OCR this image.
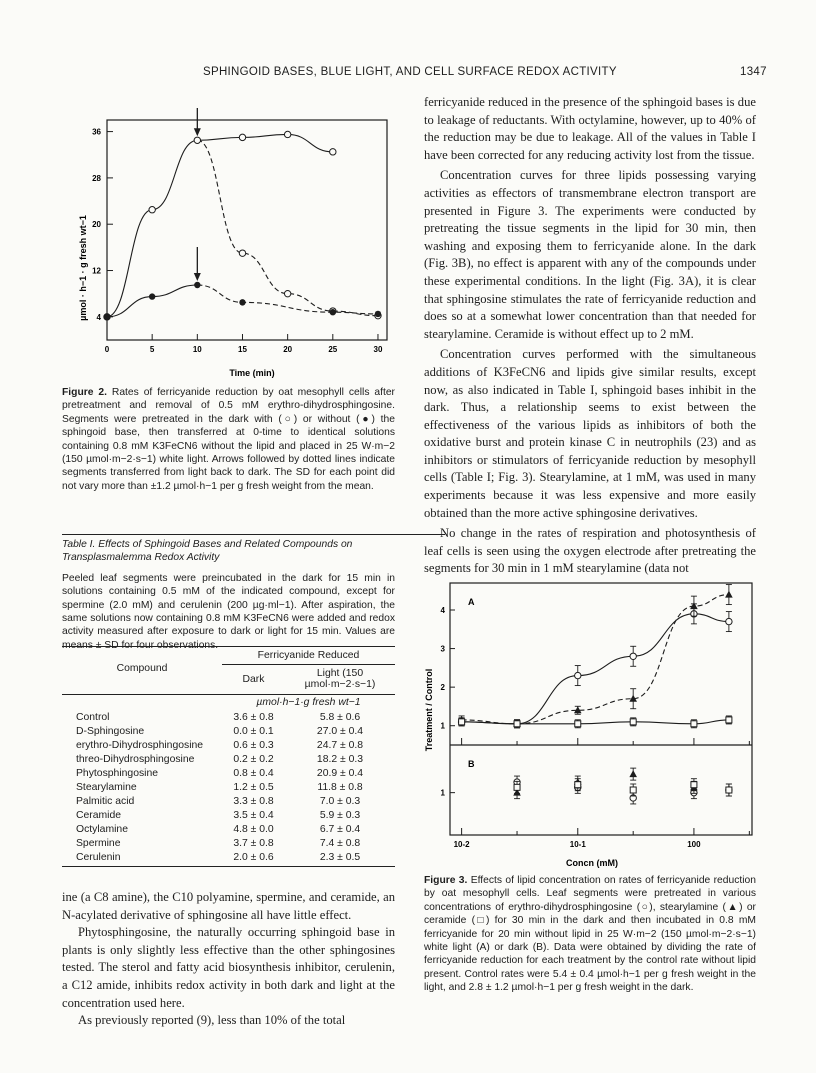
SPHINGOID BASES, BLUE LIGHT, AND CELL SURFACE REDOX ACTIVITY	1347
0	5	10	15	20	25	30
4
12
20
28
36
µmol · h−1 · g fresh wt−1
Time (min)
Figure 2. Rates of ferricyanide reduction by oat mesophyll cells after pretreatment and removal of 0.5 mM erythro-dihydrosphingosine. Segments were pretreated in the dark with (○) or without (●) the sphingoid base, then transferred at 0-time to identical solutions containing 0.8 mM K3FeCN6 without the lipid and placed in 25 W·m−2 (150 µmol·m−2·s−1) white light. Arrows followed by dotted lines indicate segments transferred from light back to dark. The SD for each point did not vary more than ±1.2 µmol·h−1 per g fresh weight from the mean.
Table I. Effects of Sphingoid Bases and Related Compounds on Transplasmalemma Redox Activity
Peeled leaf segments were preincubated in the dark for 15 min in solutions containing 0.5 mM of the indicated compound, except for spermine (2.0 mM) and cerulenin (200 µg·ml−1). After aspiration, the same solutions now containing 0.8 mM K3FeCN6 were added and redox activity measured after exposure to dark or light for 15 min. Values are means ± SD for four observations.
Compound	Ferricyanide Reduced	
	Dark	Light (150 µmol·m−2·s−1)

	µmol·h−1·g fresh wt−1	
Control	3.6 ± 0.8	5.8 ± 0.6
D-Sphingosine	0.0 ± 0.1	27.0 ± 0.4
erythro-Dihydrosphingosine	0.6 ± 0.3	24.7 ± 0.8
threo-Dihydrosphingosine	0.2 ± 0.2	18.2 ± 0.3
Phytosphingosine	0.8 ± 0.4	20.9 ± 0.4
Stearylamine	1.2 ± 0.5	11.8 ± 0.8
Palmitic acid	3.3 ± 0.8	7.0 ± 0.3
Ceramide	3.5 ± 0.4	5.9 ± 0.3
Octylamine	4.8 ± 0.0	6.7 ± 0.4
Spermine	3.7 ± 0.8	7.4 ± 0.8
Cerulenin	2.0 ± 0.6	2.3 ± 0.5

ine (a C8 amine), the C10 polyamine, spermine, and ceramide, an N-acylated derivative of sphingosine all have little effect.

Phytosphingosine, the naturally occurring sphingoid base in plants is only slightly less effective than the other sphingosines tested. The sterol and fatty acid biosynthesis inhibitor, cerulenin, a C12 amide, inhibits redox activity in both dark and light at the concentration used here.

As previously reported (9), less than 10% of the total

ferricyanide reduced in the presence of the sphingoid bases is due to leakage of reductants. With octylamine, however, up to 40% of the reduction may be due to leakage. All of the values in Table I have been corrected for any reducing activity lost from the tissue.

Concentration curves for three lipids possessing varying activities as effectors of transmembrane electron transport are presented in Figure 3. The experiments were conducted by pretreating the tissue segments in the lipid for 30 min, then washing and exposing them to ferricyanide alone. In the dark (Fig. 3B), no effect is apparent with any of the compounds under these experimental conditions. In the light (Fig. 3A), it is clear that sphingosine stimulates the rate of ferricyanide reduction and does so at a somewhat lower concentration than that needed for stearylamine. Ceramide is without effect up to 2 mM.

Concentration curves performed with the simultaneous additions of K3FeCN6 and lipids give similar results, except now, as also indicated in Table I, sphingoid bases inhibit in the dark. Thus, a relationship seems to exist between the effectiveness of the various lipids as inhibitors of both the oxidative burst and protein kinase C in neutrophils (23) and as inhibitors or stimulators of ferricyanide reduction by mesophyll cells (Table I; Fig. 3). Stearylamine, at 1 mM, was used in many experiments because it was less expensive and more easily obtained than the more active sphingosine derivatives.

No change in the rates of respiration and photosynthesis of leaf cells is seen using the oxygen electrode after pretreating the segments for 30 min in 1 mM stearylamine (data not

10-2	10-1	100
1
2
3
4
1
Treatment / Control
Concn (mM)
A
B
Figure 3. Effects of lipid concentration on rates of ferricyanide reduction by oat mesophyll cells. Leaf segments were pretreated in various concentrations of erythro-dihydrosphingosine (○), stearylamine (▲) or ceramide (□) for 30 min in the dark and then incubated in 0.8 mM ferricyanide for 20 min without lipid in 25 W·m−2 (150 µmol·m−2·s−1) white light (A) or dark (B). Data were obtained by dividing the rate of ferricyanide reduction for each treatment by the control rate without lipid present. Control rates were 5.4 ± 0.4 µmol·h−1 per g fresh weight in the light, and 2.8 ± 1.2 µmol·h−1 per g fresh weight in the dark.
